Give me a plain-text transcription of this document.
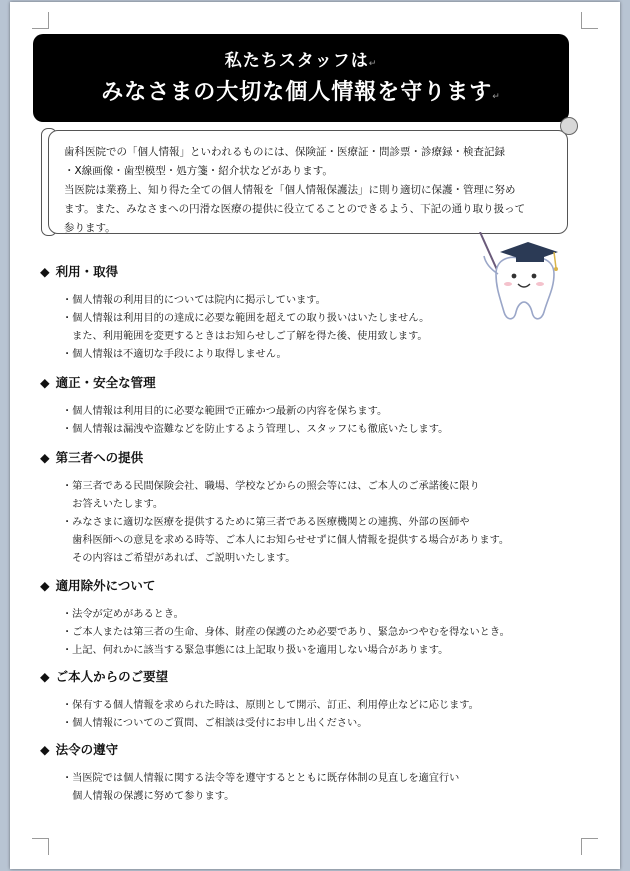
私たちスタッフは↵
みなさまの大切な個人情報を守ります↵

歯科医院での「個人情報」といわれるものには、保険証・医療証・問診票・診療録・検査記録

・X線画像・歯型模型・処方箋・紹介状などがあります。

当医院は業務上、知り得た全ての個人情報を「個人情報保護法」に則り適切に保護・管理に努め

ます。また、みなさまへの円滑な医療の提供に役立てることのできるよう、下記の通り取り扱って

参ります。

◆ 利用・取得
・個人情報の利用目的については院内に掲示しています。
・個人情報は利用目的の達成に必要な範囲を超えての取り扱いはいたしません。
　また、利用範囲を変更するときはお知らせしご了解を得た後、使用致します。
・個人情報は不適切な手段により取得しません。
◆ 適正・安全な管理
・個人情報は利用目的に必要な範囲で正確かつ最新の内容を保ちます。
・個人情報は漏洩や盗難などを防止するよう管理し、スタッフにも徹底いたします。
◆ 第三者への提供
・第三者である民間保険会社、職場、学校などからの照会等には、ご本人のご承諾後に限り
　お答えいたします。
・みなさまに適切な医療を提供するために第三者である医療機関との連携、外部の医師や
　歯科医師への意見を求める時等、ご本人にお知らせせずに個人情報を提供する場合があります。
　その内容はご希望があれば、ご説明いたします。
◆ 適用除外について
・法令が定めがあるとき。
・ご本人または第三者の生命、身体、財産の保護のため必要であり、緊急かつやむを得ないとき。
・上記、何れかに該当する緊急事態には上記取り扱いを適用しない場合があります。
◆ ご本人からのご要望
・保有する個人情報を求められた時は、原則として開示、訂正、利用停止などに応じます。
・個人情報についてのご質問、ご相談は受付にお申し出ください。
◆ 法令の遵守
・当医院では個人情報に関する法令等を遵守するとともに既存体制の見直しを適宜行い
　個人情報の保護に努めて参ります。
